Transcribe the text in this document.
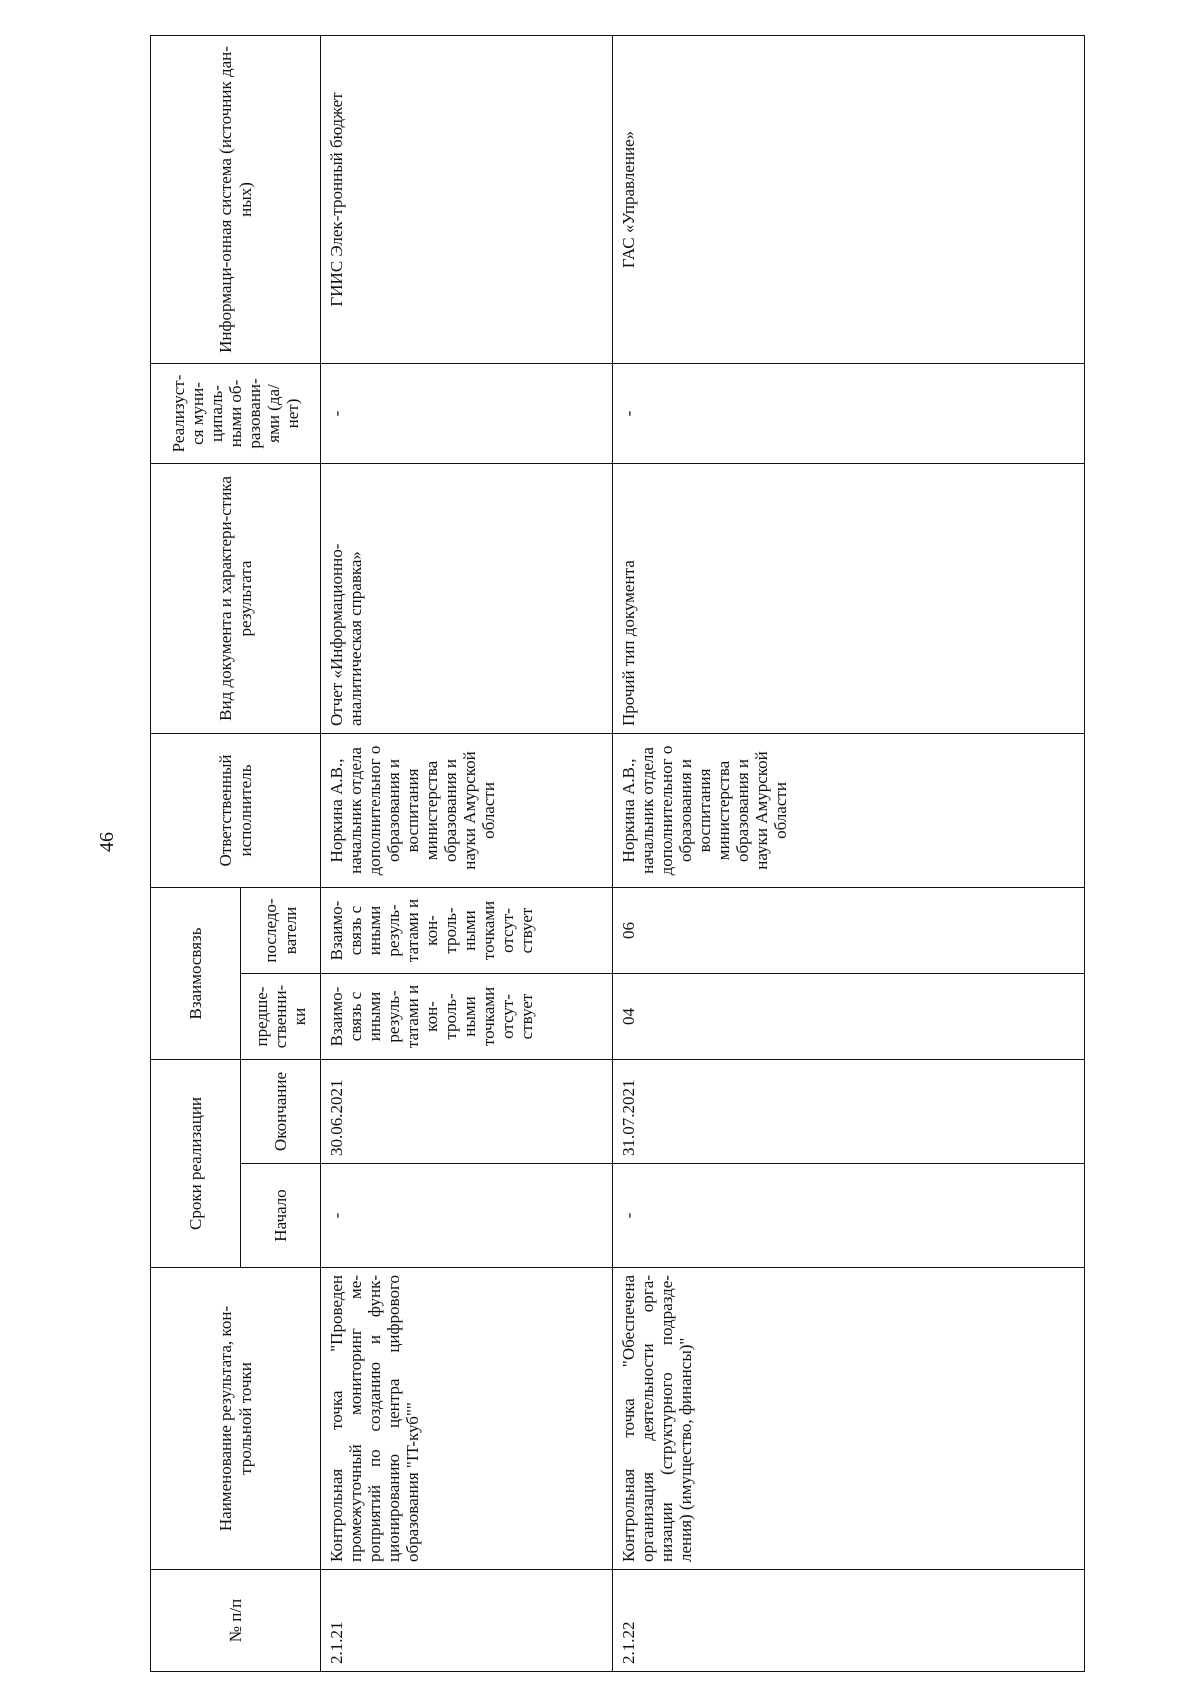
46
№ п/п	Наименование результата, кон-трольной точки	Сроки реализации		Взаимосвязь		Ответственный исполнитель	Вид документа и характери-стика результата	Реализуст-ся муни-ципаль-ными об-разовани-ями (да/нет)	Информаци-онная система (источник дан-ных)
		Начало	Окончание	предше-ственни-ки	последо-ватели				
2.1.21	Контрольная точка "Проведен промежуточный мониторинг ме-роприятий по созданию и функ-ционированию центра цифрового образования "IT-куб""	-	30.06.2021	Взаимо-связь с иными резуль-татами и кон-троль-ными точками отсут-ствует	Взаимо-связь с иными резуль-татами и кон-троль-ными точками отсут-ствует	Норкина А.В., начальник отдела дополнительног о образования и воспитания министерства образования и науки Амурской области	Отчет «Информационно-аналитическая справка»	-	ГИИС Элек-тронный бюджет
2.1.22	Контрольная точка "Обеспечена организация деятельности орга-низации (структурного подразде-ления) (имущество, финансы)"	-	31.07.2021	04	06	Норкина А.В., начальник отдела дополнительног о образования и воспитания министерства образования и науки Амурской области	Прочий тип документа	-	ГАС «Управление»
